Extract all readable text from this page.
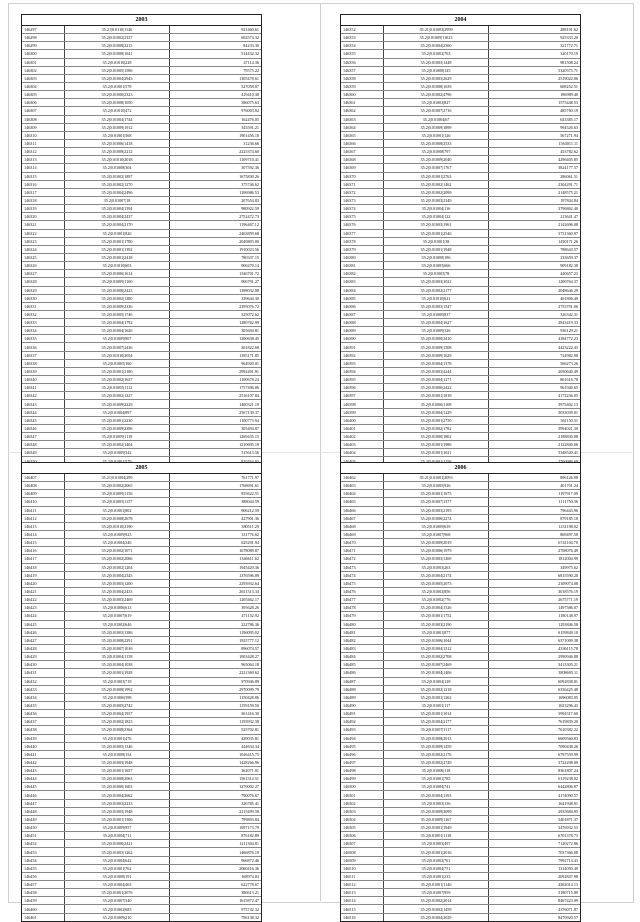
2003
146297	35.21|0.0110|1146	921460.61
146298	35.2|0.01002|2337	602574.32
146299	35.2|0.01008|2215	84233.30
146300	35.2|0.01008|1641	514432.32
146301	35.2|0.01016|228	47114.36
146302	35.2|0.01005|1586	79575.22
146303	35.2|0.01004|2943	1305478.61
146304	35.2|0.01001|578	327058.07
146305	35.2|0.01000|2323	419410.38
146306	35.2|0.01008|1050	386075.63
146307	35.2|0.01010|472	976003.02
146308	35.2|0.01004|1744	162476.05
146309	35.2|0.01009|1912	345591.21
146310	35.2|0.01001|568	1901456.10
146311	35.2|0.01006|1418	31236.66
146312	35.2|0.01009|2212	2225374.60
146313	35.2|0.01010|2018	1109710.41
146314	35.2|0.01008|304	307592.36
146315	35.2|0.01002|1897	1675830.26
146316	35.2|0.01002|1270	375746.62
146317	35.2|0.01004|2496	1106986.53
146318	35.2|0.01007|18	207654.83
146319	35.2|0.01004|1394	980922.59
146320	35.2|0.01004|2437	2752472.73
146321	35.2|0.01004|2170	1196467.12
146322	35.2|0.01001|826	2463859.68
146323	35.2|0.01001|1780	2049803.00
146324	35.2|0.01001|1392	1910023.56
146325	35.2|0.01001|2418	780337.15
146326	35.2|0.01010|603	906270.14
146327	35.2|0.01006|1614	1346701.72
146328	35.2|0.01009|1160	906791.27
146329	35.2|0.01000|2423	1398032.08
146330	35.2|0.01002|1380	339644.30
146331	35.2|0.01009|2336	2395076.72
146332	35.2|0.01005|1746	325072.62
146333	35.2|0.01004|1792	1280762.99
146334	35.2|0.01004|1626	305694.81
146335	35.2|0.01009|907	1200638.45
146336	35.2|0.01007|2436	361822.68
146337	35.2|0.01010|2054	1395171.85
146338	35.2|0.01005|160	964920.01
146339	35.2|0.01001|2180	2992491.91
146340	35.2|0.01002|1637	1100678.24
146341	35.2|0.01005|1112	1757496.06
146342	35.2|0.01002|1227	2516107.84
146343	35.2|0.01009|2229	1400321.19
146344	35.2|0.01004|897	2567139.37
146345	35.2|0.01001|2230	1100773.94
146346	35.2|0.01009|2396	305494.87
146347	35.2|0.01009|1118	1269435.15
146348	35.2|0.01002|1404	1210695.19
146349	35.2|0.01009|342	515613.56

2004
146352	35.21|0.01003|2999	288191.62
146353	35.2|0.01009|11023	925333.20
146354	35.2|0.01004|2360	321772.71
146355	35.2|0.01002|763	320170.19
146356	35.2|0.01003|1448	981508.24
146357	35.2|0.01008|145	5320375.71
146358	35.2|0.01003|2629	2519022.06
146359	35.2|0.01008|1639	608252.51
146360	35.2|0.01002|4796	186989.40
146361	35.2|0.01003|827	1575448.53
146362	35.2|0.01007|2716	485760.19
146363	35.2|0.01004|67	643385.17
146364	35.2|0.01009|1899	994526.63
146365	35.2|0.01001|126	567271.94
146366	35.2|0.01008|2533	1563011.11
146367	35.2|0.01008|797	453782.62
146368	35.2|0.01009|2040	4296405.85
146369	35.2|0.01007|1767	3824177.57
146370	35.2|0.01001|2763	286061.51
146371	35.2|0.01002|1462	2304291.71
146372	35.2|0.01002|2099	2148575.21
146373	35.2|0.01003|2349	197844.84
146374	35.2|0.01004|116	3796862.40
146375	35.2|0.01004|122	213641.47
146376	35.2|0.01003|1961	2142696.08
146377	35.2|0.01001|2546	3731360.97
146378	35.2|0.01001|38	1450171.26
146379	35.2|0.01001|1948	788643.57
146380	35.2|0.01008|186	233659.37
146381	35.2|0.01005|666	909182.38
146382	35.2|0.01003|78	440657.23
146383	35.2|0.01003|1022	1200764.37
146384	35.2|0.01002|2177	2048646.29
146385	35.2|0.01010|621	461806.40
146386	35.2|0.01003|1547	2753791.06
146387	35.2|0.01000|837	326342.31
146388	35.2|0.01004|1627	2843419.33
146389	35.2|0.01009|326	936129.21
146390	35.2|0.01000|2410	4184772.23
146391	35.2|0.01009|1508	4423222.43
146392	35.2|0.01009|1629	724982.98
146393	35.2|0.01004|1378	566273.26
146394	35.2|0.01003|4244	2050640.49
146395	35.2|0.01004|1271	861616.78
146396	35.2|0.01000|2422	961940.65
146397	35.2|0.01001|1818	4172236.05
146398	35.2|0.01006|1108	3975402.13
146399	35.2|0.01004|1229	3033039.01
146400	35.2|0.01001|2750	361150.31
146401	35.2|0.01002|1782	3994021.30
146402	35.2|0.01000|1802	2188830.08
146403	35.2|0.01001|1986	2122840.06
146404	35.2|0.01001|1021	5348520.41

2005
146407	35.21|0.01004|299	761771.97
146408	35.2|0.01002|2065	1768691.61
146409	35.2|0.01009|1156	955622.51
146410	35.2|0.01005|1157	388044.59
146411	35.2|0.01001|802	906212.59
146412	35.2|0.01008|2678	427901.36
146413	35.2|0.01010|2190	380511.29
146414	35.2|0.01009|923	131776.62
146415	35.2|0.01004|346	625291.94
146416	35.2|0.01002|1071	1678089.87
146417	35.2|0.01002|2066	1346611.62
146418	35.2|0.01002|1204	1945420.36
146419	35.2|0.01004|2345	1376596.89
146420	35.2|0.01003|1200	2293932.64
146421	35.2|0.01004|2433	2651513.34
146422	35.2|0.01003|2469	1205462.17
146423	35.2|0.01006|613	395628.26
146424	35.2|0.01007|619	471152.92
146425	35.2|0.01002|646	222786.36
146426	35.2|0.01003|1386	1196095.02
146427	35.2|0.01008|2291	1925777.12
146428	35.2|0.01007|1016	896074.57
146429	35.2|0.01004|1158	1003428.27
146430	35.2|0.01004|1038	965064.18
146431	35.2|0.01001|1928	2221369.62
146432	35.2|0.01003|719	970946.89
146433	35.2|0.01008|1992	2970099.79
146434	35.2|0.01006|598	1150428.86
146435	35.2|0.01005|2742	1159159.50
146436	35.2|0.01004|1937	361416.30
146437	35.2|0.01002|1823	1193932.38
146438	35.2|0.01008|2364	525702.81
146439	35.2|0.01001|476	429035.81
146440	35.2|0.01005|1346	444634.34
146441	35.2|0.01008|154	1026415.75
146442	35.2|0.01003|1948	1428266.96
146443	35.2|0.01001|1657	362071.01
146444	35.2|0.01008|2063	1561314.51
146445	35.2|0.01006|1603	1270002.27
146446	35.2|0.01004|2662	790076.67
146447	35.2|0.01003|2233	326785.41
146448	35.2|0.01003|1948	2215499.58
146449	35.2|0.01001|1506	799893.84
146450	35.2|0.01009|957	1697173.79
146451	35.2|0.01004|711	876182.89
146452	35.2|0.01000|2421	1211304.81
146453	35.2|0.01003|1262	1466876.19
146454	35.2|0.01004|642	966872.46
146455	35.2|0.01001|762	2060416.36
146456	35.2|0.01008|191	168974.03
146457	35.2|0.01004|463	622778.67
146458	35.2|0.01001|2076	386613.21
146459	35.2|0.01007|340	1615872.47
146460	35.2|0.01002|685	975742.32
146461	35.2|0.01009|210	796138.32
2006
146462	35.21|0.01001|2093	896126.08
146463	35.2|0.01005|926	401701.24
146464	35.2|0.01001|1675	1197917.09
146465	35.2|0.01007|1377	1111750.36
146466	35.2|0.01003|2195	796443.96
146467	35.2|0.01006|2274	879185.18
146468	35.2|0.01009|639	1231198.02
146469	35.2|0.01007|968	869497.58
146470	35.2|0.01009|2019	6741104.70
146471	35.2|0.01006|1979	2708076.49
146472	35.2|0.01003|1269	1812004.99
146473	35.2|0.01003|263	349975.62
146474	35.2|0.01004|2174	6815590.20
146475	35.2|0.01005|2073	2109074.08
146476	35.2|0.01002|856	3018576.19
146477	35.2|0.01002|776	2675771.19
146478	35.2|0.01004|1526	1497586.07
146479	35.2|0.01001|1752	1180148.97
146480	35.2|0.01003|2190	1293846.58
146481	35.2|0.01001|877	6159849.10
146482	35.2|0.01006|1044	6371009.38
146483	35.2|0.01004|1312	4336115.78
146484	35.2|0.01002|2708	2990946.88
146485	35.2|0.01007|2469	3413305.21
146486	35.2|0.01004|1406	3808695.11
146487	35.2|0.01004|128	6092838.01
146488	35.2|0.01002|1218	6356425.48
146489	35.2|0.01001|1262	1696083.05
146490	35.2|0.01001|117	1023296.43
146491	35.2|0.01001|1014	3994317.60
146492	35.2|0.01004|2177	7619839.20
146493	35.2|0.01007|1117	7610382.22
146494	35.2|0.01008|2013	6609560.03
146495	35.2|0.01009|1459	7090438.26
146496	35.2|0.01002|2176	6797559.99
146497	35.2|0.01002|2749	3724298.00
146498	35.2|0.01006|118	8361807.24
146499	35.2|0.01001|785	6119238.02
146500	35.2|0.01004|741	6442806.97
146501	35.2|0.01004|1393	4174090.57
146502	35.2|0.01003|136	1641948.91
146503	35.2|0.01009|2099	2935684.95
146504	35.2|0.01009|1167	5401871.37
146505	35.2|0.01001|1949	3476932.53
146506	35.2|0.01001|1118	6701378.73
146507	35.2|0.01003|497	7120272.86
146508	35.2|0.01001|2016	7037366.08
146509	35.2|0.01002|761	7992714.43
146510	35.2|0.01004|751	1314050.49
146511	35.2|0.01001|233	2092847.98
146512	35.2|0.01001|1146	4562014.13
146513	35.2|0.01007|959	3180715.89
146514	35.2|0.01002|2014	8467423.09
146515	35.2|0.01002|1459	4376071.87
146516	35.2|0.01004|2029	8470920.57
